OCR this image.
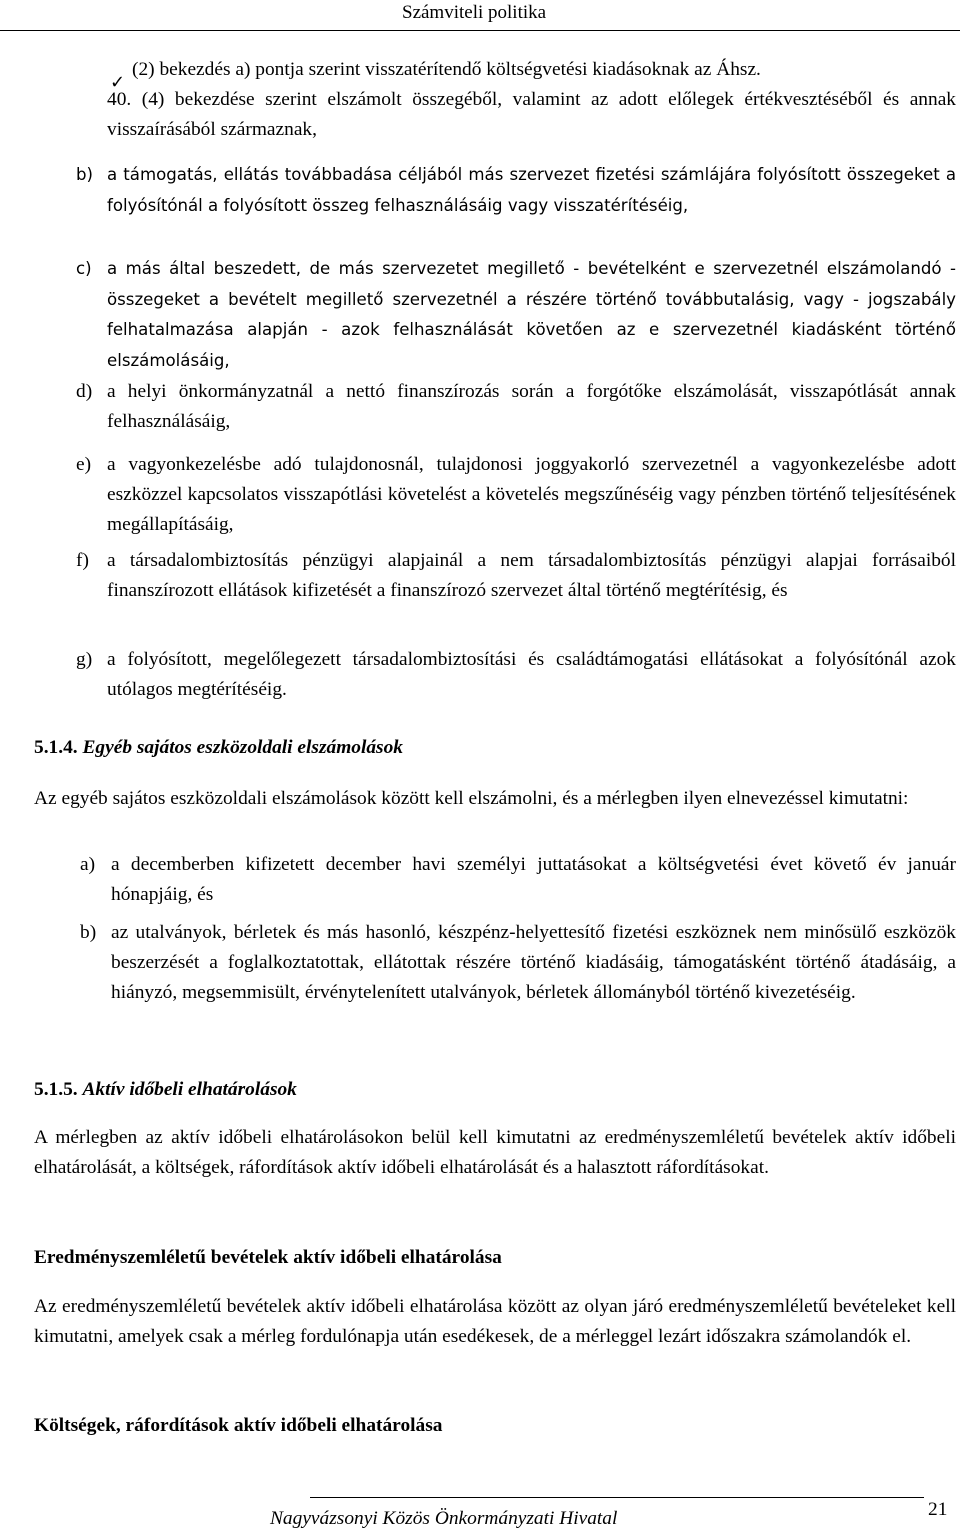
Számviteli politika
✓
(2) bekezdés a) pontja szerint visszatérítendő költségvetési kiadásoknak az Áhsz.
40. (4) bekezdése szerint elszámolt összegéből, valamint az adott előlegek értékvesztéséből és annak visszaírásából származnak,
b) a támogatás, ellátás továbbadása céljából más szervezet fizetési számlájára folyósított összegeket a folyósítónál a folyósított összeg felhasználásáig vagy visszatérítéséig,
c) a más által beszedett, de más szervezetet megillető - bevételként e szervezetnél elszámolandó - összegeket a bevételt megillető szervezetnél a részére történő továbbutalásig, vagy - jogszabály felhatalmazása alapján - azok felhasználását követően az e szervezetnél kiadásként történő elszámolásáig,
d) a helyi önkormányzatnál a nettó finanszírozás során a forgótőke elszámolását, visszapótlását annak felhasználásáig,
e) a vagyonkezelésbe adó tulajdonosnál, tulajdonosi joggyakorló szervezetnél a vagyonkezelésbe adott eszközzel kapcsolatos visszapótlási követelést a követelés megszűnéséig vagy pénzben történő teljesítésének megállapításáig,
f) a társadalombiztosítás pénzügyi alapjainál a nem társadalombiztosítás pénzügyi alapjai forrásaiból finanszírozott ellátások kifizetését a finanszírozó szervezet által történő megtérítésig, és
g) a folyósított, megelőlegezett társadalombiztosítási és családtámogatási ellátásokat a folyósítónál azok utólagos megtérítéséig.
5.1.4. Egyéb sajátos eszközoldali elszámolások

Az egyéb sajátos eszközoldali elszámolások között kell elszámolni, és a mérlegben ilyen elnevezéssel kimutatni:

a) a decemberben kifizetett december havi személyi juttatásokat a költségvetési évet követő év január hónapjáig, és
b) az utalványok, bérletek és más hasonló, készpénz-helyettesítő fizetési eszköznek nem minősülő eszközök beszerzését a foglalkoztatottak, ellátottak részére történő kiadásáig, támogatásként történő átadásáig, a hiányzó, megsemmisült, érvénytelenített utalványok, bérletek állományból történő kivezetéséig.
5.1.5. Aktív időbeli elhatárolások

A mérlegben az aktív időbeli elhatárolásokon belül kell kimutatni az eredményszemléletű bevételek aktív időbeli elhatárolását, a költségek, ráfordítások aktív időbeli elhatárolását és a halasztott ráfordításokat.

Eredményszemléletű bevételek aktív időbeli elhatárolása

Az eredményszemléletű bevételek aktív időbeli elhatárolása között az olyan járó eredményszemléletű bevételeket kell kimutatni, amelyek csak a mérleg fordulónapja után esedékesek, de a mérleggel lezárt időszakra számolandók el.

Költségek, ráfordítások aktív időbeli elhatárolása
Nagyvázsonyi Közös Önkormányzati Hivatal	21
